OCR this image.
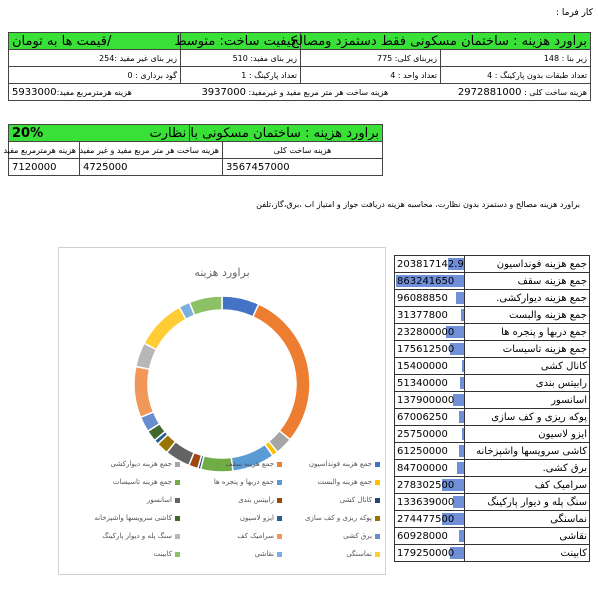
کار فرما :
براورد هزینه : ساختمان مسکونی فقط دستمزد ومصالح		کیفیت ساخت: متوسط	/قیمت ها به تومان
زیر بنا : 148	زیربنای کلی: 775	زیر بنای مفید: 510	زیر بنای غیر مفید :254
تعداد طبقات بدون پارکینگ : 4	تعداد واحد : 4	تعداد پارکینگ : 1	گود برداری : 0

هزینه ساخت کلی : 2972881000
هزینه ساخت هر متر مربع مفید و غیرمفید: 3937000
هزینه هرمترمربع مفید:5933000			
براورد هزینه : ساختمان مسکونی با نظارت		20%	
هزینه ساخت کلی	هزینه ساخت هر متر مربع مفید و غیر مفید		هزینه هرمترمربع مفید
3567457000	4725000		7120000
براورد هزینه مصالح و دستمزد بدون نظارت، محاسبه هزینه دریافت جواز و امتیاز اب ،برق،گاز،تلفن
براورد هزینه
جمع هزینه فونداسیون
جمع هزینه سقف
جمع هزینه دیوارکشی
جمع هزینه والبست
جمع دربها و پنجره ها
جمع هزینه تاسیسات
کانال کشی
رابیتس بندی
اسانسور
پوکه ریزی و کف سازی
ایزو لاسیون
کاشی سرویسها واشپزخانه
برق کشی
سرامیک کف
سنگ پله و دیوار پارکینگ
نماسنگی
نقاشی
کابینت
جمع هزینه فونداسیون	203817142.9
جمع هزینه سقف	863241650
جمع هزینه دیوارکشی.	96088850
جمع هزینه والبست	31377800
جمع دربها و پنجره ها	232800000
جمع هزینه تاسیسات	175612500
کانال کشی	15400000
رابیتس بندی	51340000
اسانسور	137900000
پوکه ریزی و کف سازی	67006250
ایزو لاسیون	25750000
کاشی سرویسها واشپزخانه	61250000
برق کشی.	84700000
سرامیک کف	278302500
سنگ پله و دیوار پارکینگ	133639000
نماسنگی	274477500
نقاشی	60928000
کابینت	179250000
